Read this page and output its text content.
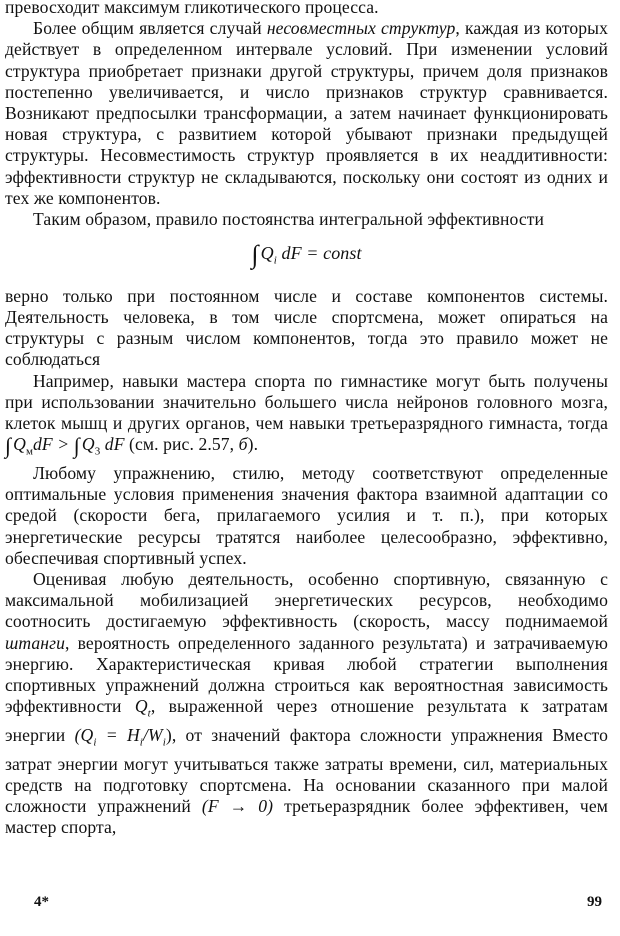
превосходит максимум гликотического процесса.

Более общим является случай несовместных структур, каждая из которых действует в определенном интервале условий. При изменении условий структура приобретает признаки другой структуры, причем доля признаков постепенно увеличивается, и число признаков структур сравнивается. Возникают предпосылки трансформации, а затем начинает функционировать новая структура, с развитием которой убывают признаки предыдущей структуры. Несовместимость структур проявляется в их неаддитивности: эффективности структур не складываются, поскольку они состоят из одних и тех же компонентов.

Таким образом, правило постоянства интегральной эффективности

∫ $Q_i$ dF = const

верно только при постоянном числе и составе компонентов системы. Деятельность человека, в том числе спортсмена, может опираться на структуры с разным числом компонентов, тогда это правило может не соблюдаться

Например, навыки мастера спорта по гимнастике могут быть получены при использовании значительно большего числа нейронов головного мозга, клеток мышц и других органов, чем навыки третьеразрядного гимнаста, тогда ∫ $Q_мdF$ > ∫ $Q_3$ dF (см. рис. 2.57, б).

Любому упражнению, стилю, методу соответствуют определенные оптимальные условия применения значения фактора взаимной адаптации со средой (скорости бега, прилагаемого усилия и т. п.), при которых энергетические ресурсы тратятся наиболее целесообразно, эффективно, обеспечивая спортивный успех.

Оценивая любую деятельность, особенно спортивную, связанную с максимальной мобилизацией энергетических ресурсов, необходимо соотносить достигаемую эффективность (скорость, массу поднимаемой штанги, вероятность определенного заданного результата) и затрачиваемую энергию. Характеристическая кривая любой стратегии выполнения спортивных упражнений должна строиться как вероятностная зависимость эффективности $Q_t$, выраженной через отношение результата к затратам энергии $(Q_i = H_i/W_i)$, от значений фактора сложности упражнения Вместо затрат энергии могут учитываться также затраты времени, сил, материальных средств на подготовку спортсмена. На основании сказанного при малой сложности упражнений (F → 0) третьеразрядник более эффективен, чем мастер спорта,

4*	99
